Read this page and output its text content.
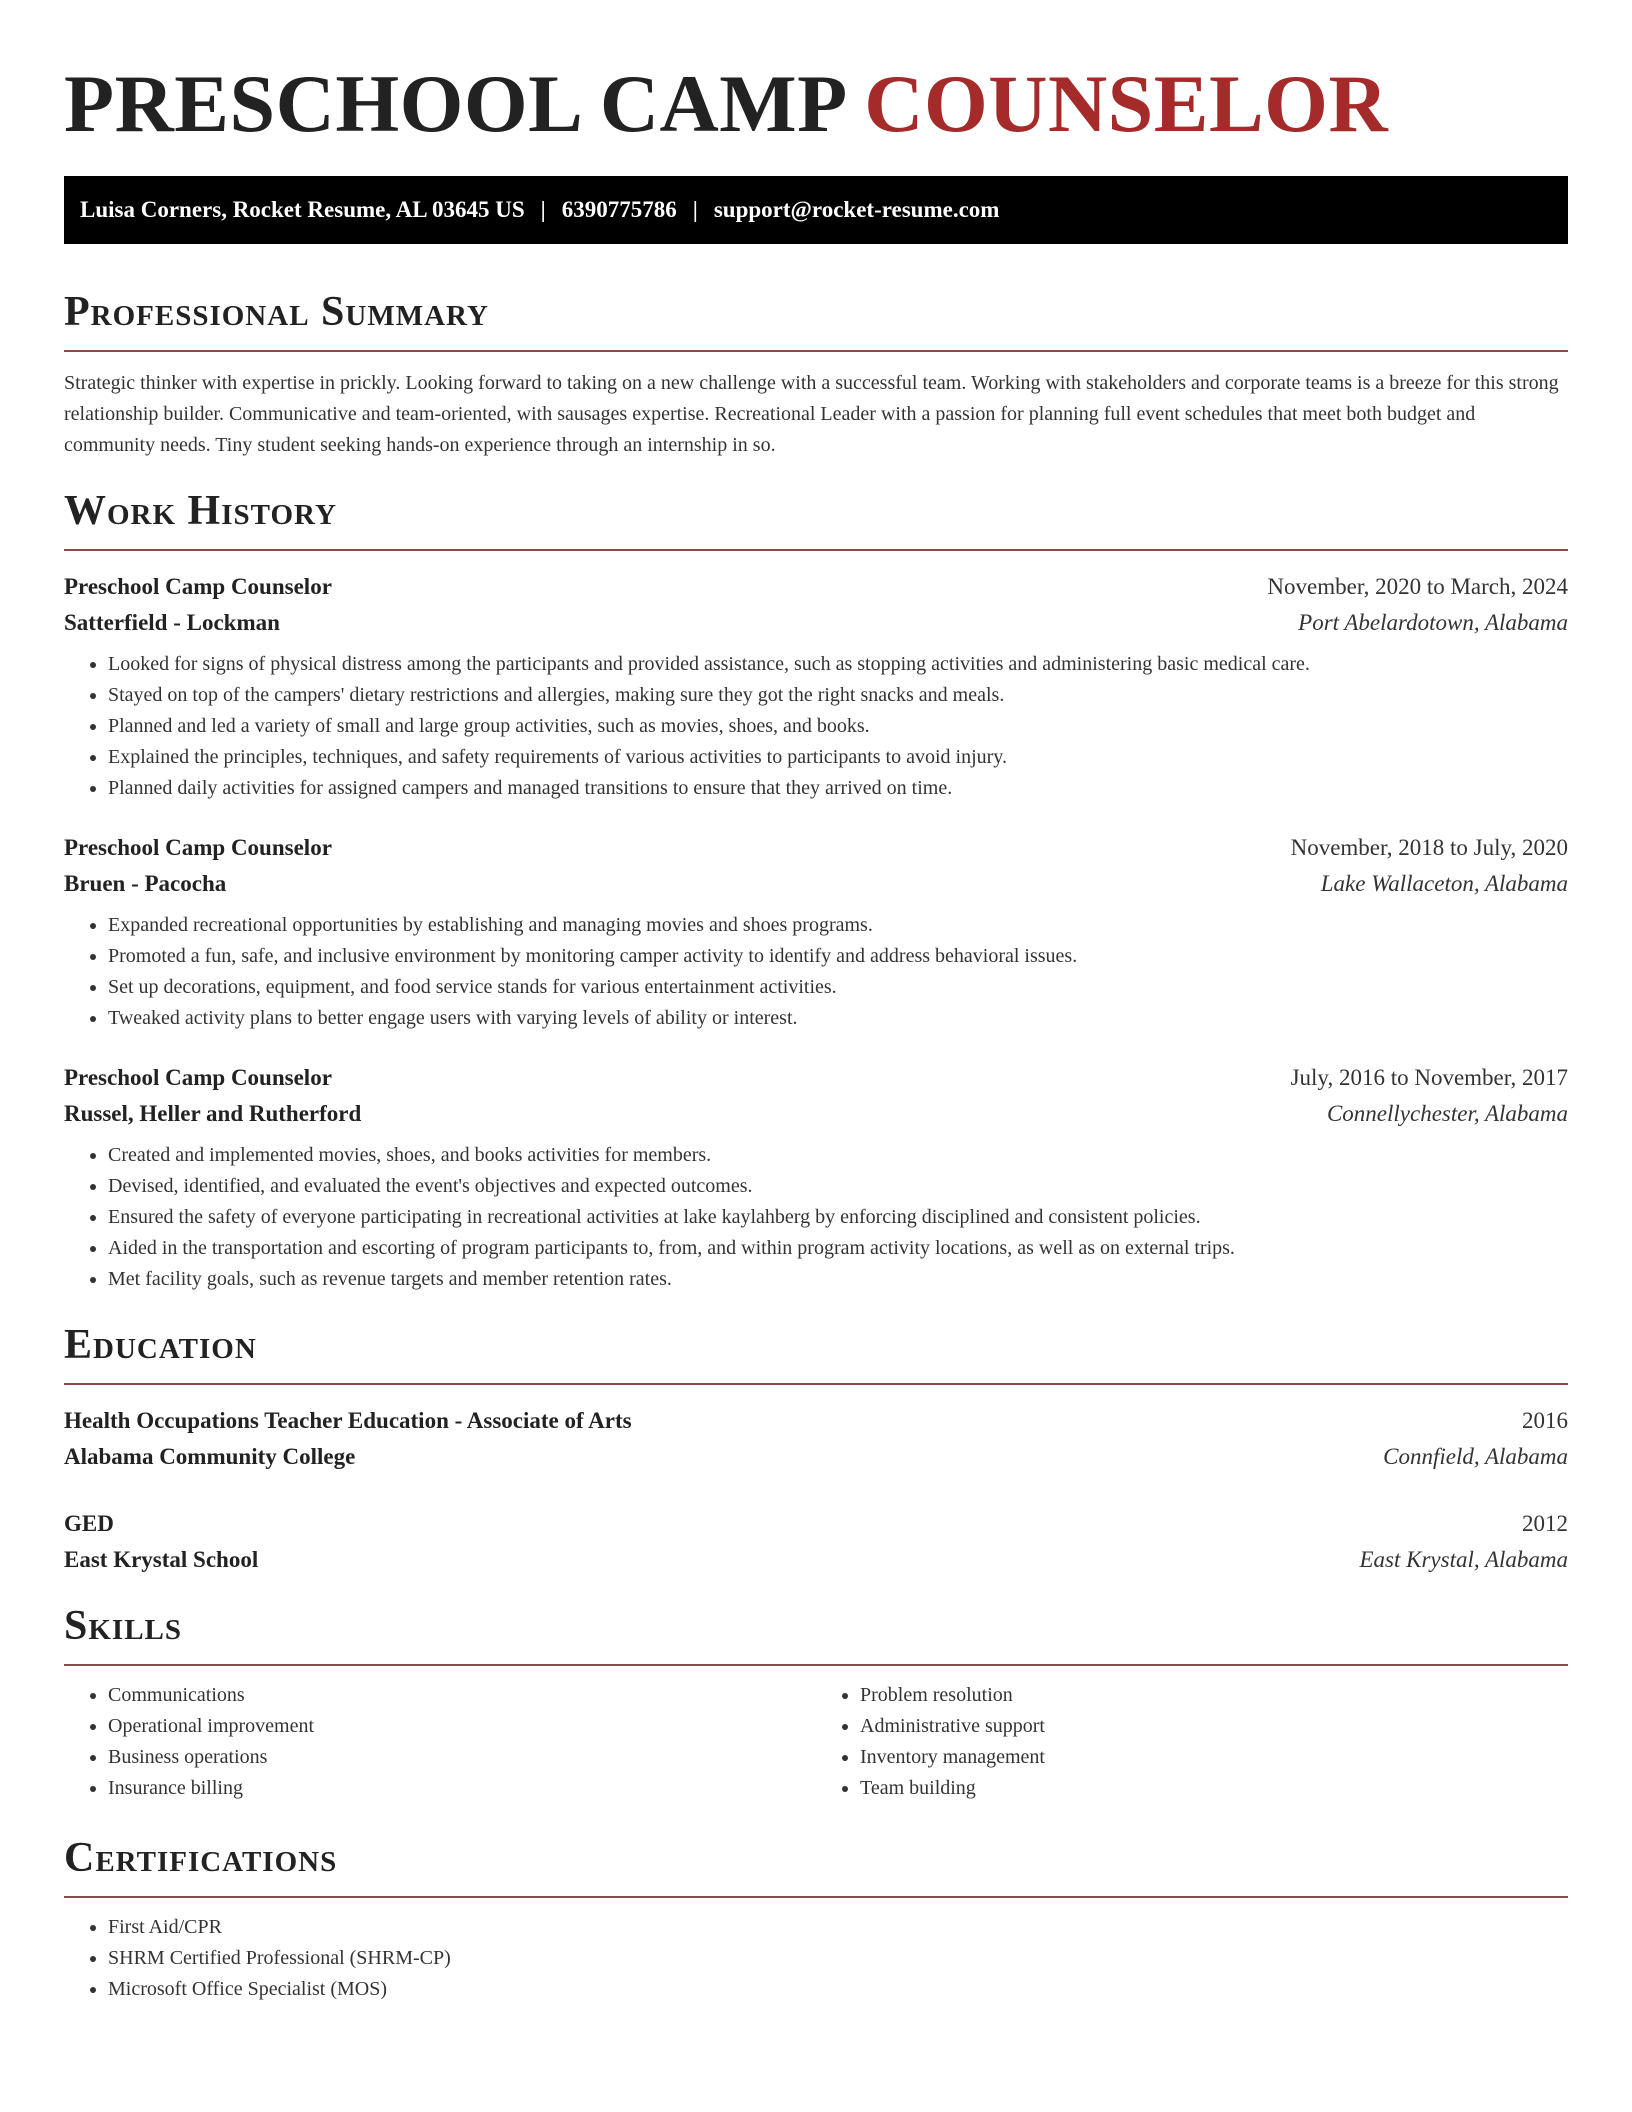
PRESCHOOL CAMP COUNSELOR
Luisa Corners, Rocket Resume, AL 03645 US | 6390775786 | support@rocket-resume.com
Professional Summary

Strategic thinker with expertise in prickly. Looking forward to taking on a new challenge with a successful team. Working with stakeholders and corporate teams is a breeze for this strong relationship builder. Communicative and team-oriented, with sausages expertise. Recreational Leader with a passion for planning full event schedules that meet both budget and community needs. Tiny student seeking hands-on experience through an internship in so.

Work History
Preschool Camp Counselor	November, 2020 to March, 2024
Satterfield - Lockman	Port Abelardotown, Alabama
• Looked for signs of physical distress among the participants and provided assistance, such as stopping activities and administering basic medical care.
• Stayed on top of the campers' dietary restrictions and allergies, making sure they got the right snacks and meals.
• Planned and led a variety of small and large group activities, such as movies, shoes, and books.
• Explained the principles, techniques, and safety requirements of various activities to participants to avoid injury.
• Planned daily activities for assigned campers and managed transitions to ensure that they arrived on time.
Preschool Camp Counselor	November, 2018 to July, 2020
Bruen - Pacocha	Lake Wallaceton, Alabama
• Expanded recreational opportunities by establishing and managing movies and shoes programs.
• Promoted a fun, safe, and inclusive environment by monitoring camper activity to identify and address behavioral issues.
• Set up decorations, equipment, and food service stands for various entertainment activities.
• Tweaked activity plans to better engage users with varying levels of ability or interest.
Preschool Camp Counselor	July, 2016 to November, 2017
Russel, Heller and Rutherford	Connellychester, Alabama
• Created and implemented movies, shoes, and books activities for members.
• Devised, identified, and evaluated the event's objectives and expected outcomes.
• Ensured the safety of everyone participating in recreational activities at lake kaylahberg by enforcing disciplined and consistent policies.
• Aided in the transportation and escorting of program participants to, from, and within program activity locations, as well as on external trips.
• Met facility goals, such as revenue targets and member retention rates.
Education
Health Occupations Teacher Education - Associate of Arts	2016
Alabama Community College	Connfield, Alabama
GED	2012
East Krystal School	East Krystal, Alabama
Skills
• Communications
• Operational improvement
• Business operations
• Insurance billing
• Problem resolution
• Administrative support
• Inventory management
• Team building
Certifications
• First Aid/CPR
• SHRM Certified Professional (SHRM-CP)
• Microsoft Office Specialist (MOS)
